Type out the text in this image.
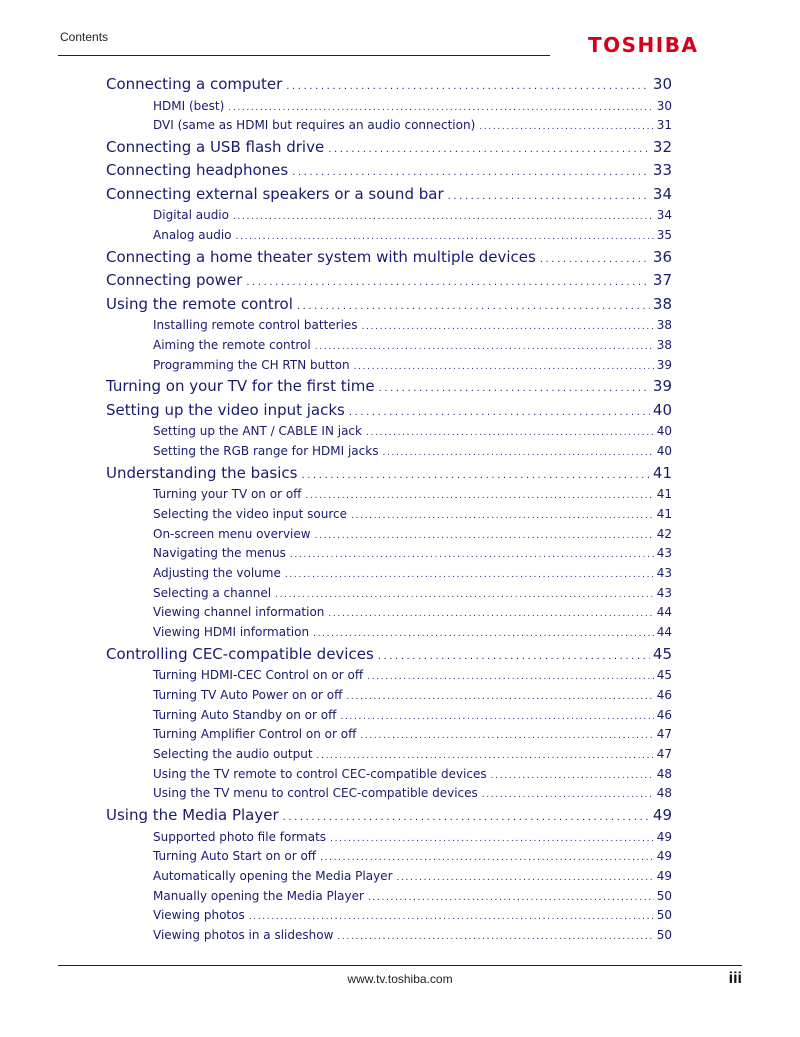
Contents	TOSHIBA
Connecting a computer . . .	30
HDMI (best) . . .	30
DVI (same as HDMI but requires an audio connection) . . .	31
Connecting a USB flash drive . . .	32
Connecting headphones . . .	33
Connecting external speakers or a sound bar . . .	34
Digital audio . . .	34
Analog audio . . .	35
Connecting a home theater system with multiple devices . . .	36
Connecting power . . .	37
Using the remote control . . .	38
Installing remote control batteries . . .	38
Aiming the remote control . . .	38
Programming the CH RTN button . . .	39
Turning on your TV for the first time . . .	39
Setting up the video input jacks . . .	40
Setting up the ANT / CABLE IN jack . . .	40
Setting the RGB range for HDMI jacks . . .	40
Understanding the basics . . .	41
Turning your TV on or off . . .	41
Selecting the video input source . . .	41
On-screen menu overview . . .	42
Navigating the menus . . .	43
Adjusting the volume . . .	43
Selecting a channel . . .	43
Viewing channel information . . .	44
Viewing HDMI information . . .	44
Controlling CEC-compatible devices . . .	45
Turning HDMI-CEC Control on or off . . .	45
Turning TV Auto Power on or off . . .	46
Turning Auto Standby on or off . . .	46
Turning Amplifier Control on or off . . .	47
Selecting the audio output . . .	47
Using the TV remote to control CEC-compatible devices . . .	48
Using the TV menu to control CEC-compatible devices . . .	48
Using the Media Player . . .	49
Supported photo file formats . . .	49
Turning Auto Start on or off . . .	49
Automatically opening the Media Player . . .	49
Manually opening the Media Player . . .	50
Viewing photos . . .	50
Viewing photos in a slideshow . . .	50
www.tv.toshiba.com	iii
